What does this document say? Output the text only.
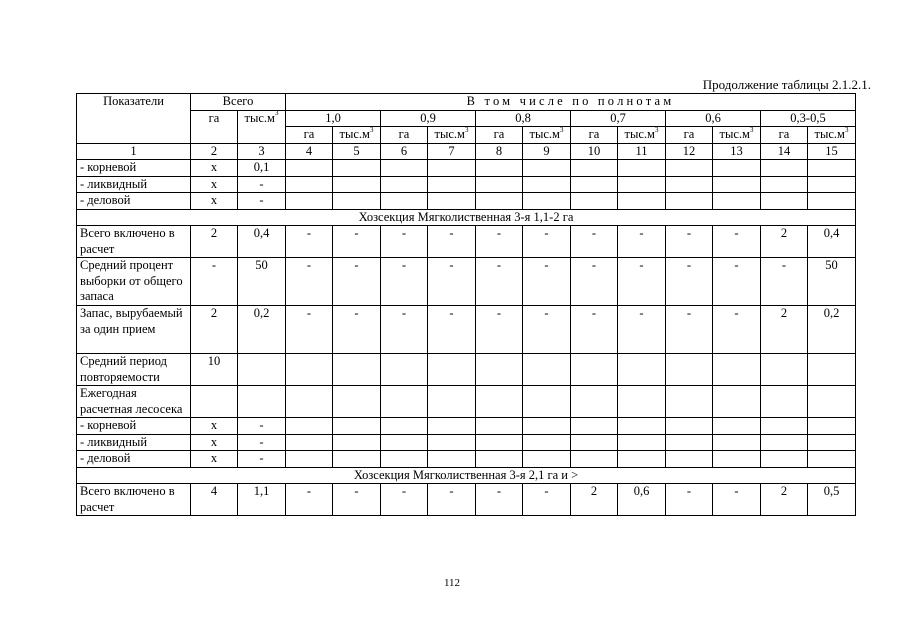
Продолжение таблицы 2.1.2.1.
Показатели	Всего		В том числе по полнотам											
	га	$тыс.м^3$	1,0		0,9		0,8		0,7		0,6		0,3-0,5	
			га	$тыс.м^3$	га	$тыс.м^3$	га	$тыс.м^3$	га	$тыс.м^3$	га	$тыс.м^3$	га	$тыс.м^3$
1	2	3	4	5	6	7	8	9	10	11	12	13	14	15
- корневой	х	0,1												
- ликвидный	х	-												
- деловой	х	-												
Хозсекция Мягколиственная 3-я 1,1-2 га														
Всего включено в расчет	2	0,4	-	-	-	-	-	-	-	-	-	-	2	0,4
Средний процент выборки от общего запаса	-	50	-	-	-	-	-	-	-	-	-	-	-	50
Запас, вырубаемый за один прием	2	0,2	-	-	-	-	-	-	-	-	-	-	2	0,2
Средний период повторяемости	10													
Ежегодная расчетная лесосека														
- корневой	х	-												
- ликвидный	х	-												
- деловой	х	-												
Хозсекция Мягколиственная 3-я 2,1 га и >														
Всего включено в расчет	4	1,1	-	-	-	-	-	-	2	0,6	-	-	2	0,5
112
